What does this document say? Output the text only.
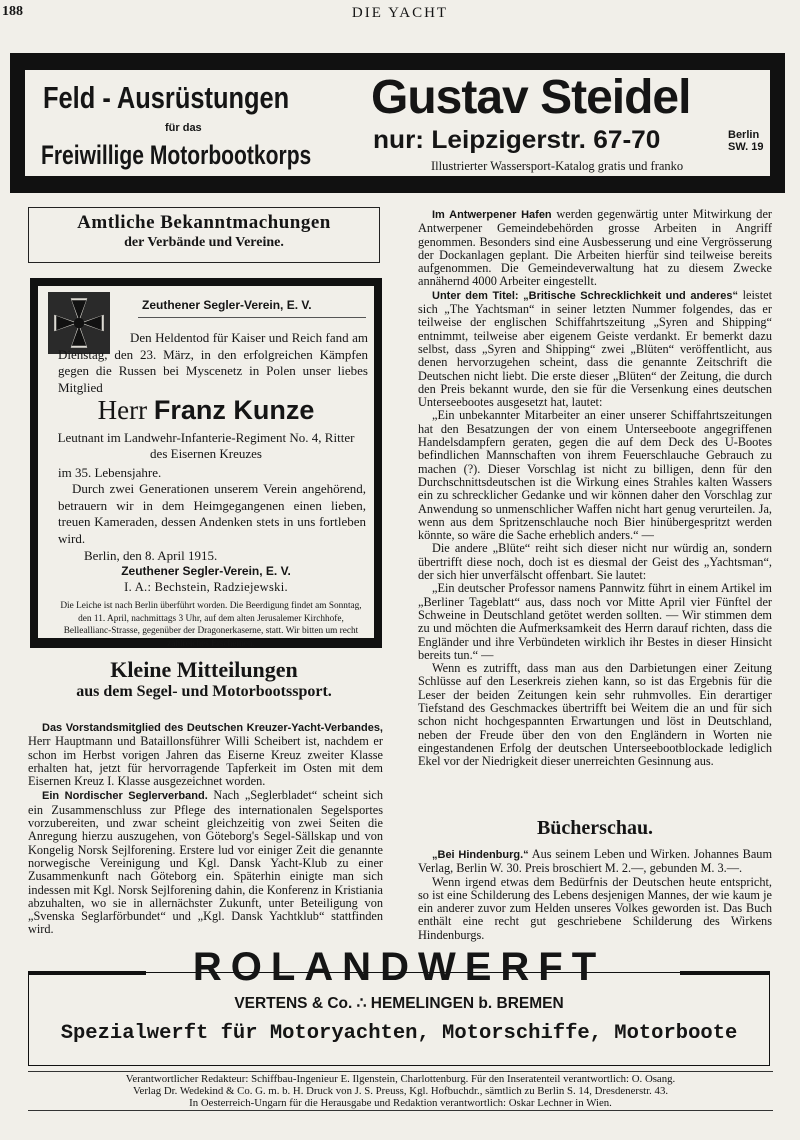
188	DIE YACHT
Feld - Ausrüstungen
für das
Freiwillige Motorbootkorps
Gustav Steidel
nur: Leipzigerstr. 67-70	Berlin
SW. 19
Illustrierter Wassersport-Katalog gratis und franko
Amtliche Bekanntmachungen
der Verbände und Vereine.
Zeuthener Segler-Verein, E. V.

Den Heldentod für Kaiser und Reich fand am Dienstag, den 23. März, in den erfolgreichen Kämpfen gegen die Russen bei Myscenetz in Polen unser liebes Mitglied

Herr Franz Kunze
Leutnant im Landwehr-Infanterie-Regiment No. 4, Ritter des Eisernen Kreuzes
im 35. Lebensjahre.

Durch zwei Generationen unserem Verein angehörend, betrauern wir in dem Heimgegangenen einen lieben, treuen Kameraden, dessen Andenken stets in uns fortleben wird.

Berlin, den 8. April 1915.
Zeuthener Segler-Verein, E. V.
I. A.: Bechstein, Radziejewski.
Die Leiche ist nach Berlin überführt worden. Die Beerdigung findet am Sonntag, den 11. April, nachmittags 3 Uhr, auf dem alten Jerusalemer Kirchhofe, Belleallianc-Strasse, gegenüber der Dragonerkaserne, statt. Wir bitten um recht zahlreiches Erscheinen.
Kleine Mitteilungen
aus dem Segel- und Motorbootssport.

Das Vorstandsmitglied des Deutschen Kreuzer-Yacht-Verbandes, Herr Hauptmann und Bataillonsführer Willi Scheibert ist, nachdem er schon im Herbst vorigen Jahren das Eiserne Kreuz zweiter Klasse erhalten hat, jetzt für hervorragende Tapferkeit im Osten mit dem Eisernen Kreuz I. Klasse ausgezeichnet worden.

Ein Nordischer Seglerverband. Nach „Seglerbladet“ scheint sich ein Zusammenschluss zur Pflege des internationalen Segelsportes vorzubereiten, und zwar scheint gleichzeitig von zwei Seiten die Anregung hierzu auszugehen, von Göteborg's Segel-Sällskap und von Kongelig Norsk Sejlforening. Erstere lud vor einiger Zeit die genannte norwegische Vereinigung und Kgl. Dansk Yacht-Klub zu einer Zusammenkunft nach Göteborg ein. Späterhin einigte man sich indessen mit Kgl. Norsk Sejlforening dahin, die Konferenz in Kristiania abzuhalten, wo sie in allernächster Zukunft, unter Beteiligung von „Svenska Seglarförbundet“ und „Kgl. Dansk Yachtklub“ stattfinden wird.

Im Antwerpener Hafen werden gegenwärtig unter Mitwirkung der Antwerpener Gemeindebehörden grosse Arbeiten in Angriff genommen. Besonders sind eine Ausbesserung und eine Vergrösserung der Dockanlagen geplant. Die Arbeiten hierfür sind teilweise bereits aufgenommen. Die Gemeindeverwaltung hat zu diesem Zwecke annähernd 4000 Arbeiter eingestellt.

Unter dem Titel: „Britische Schrecklichkeit und anderes“ leistet sich „The Yachtsman“ in seiner letzten Nummer folgendes, das er teilweise der englischen Schiffahrtszeitung „Syren and Shipping“ entnimmt, teilweise aber eigenem Geiste verdankt. Er bemerkt dazu selbst, dass „Syren and Shipping“ zwei „Blüten“ veröffentlicht, aus denen hervorzugehen scheint, dass die genannte Zeitschrift die Deutschen nicht liebt. Die erste dieser „Blüten“ der Zeitung, die durch den Preis bekannt wurde, den sie für die Versenkung eines deutschen Unterseebootes ausgesetzt hat, lautet:

„Ein unbekannter Mitarbeiter an einer unserer Schiffahrtszeitungen hat den Besatzungen der von einem Unterseeboote angegriffenen Handelsdampfern geraten, gegen die auf dem Deck des U-Bootes befindlichen Mannschaften von ihrem Feuerschlauche Gebrauch zu machen (?). Dieser Vorschlag ist nicht zu billigen, denn für den Durchschnittsdeutschen ist die Wirkung eines Strahles kalten Wassers ein zu schrecklicher Gedanke und wir können daher den Vorschlag zur Anwendung so unmenschlicher Waffen nicht hart genug verurteilen. Ja, wenn aus dem Spritzenschlauche noch Bier hinübergespritzt werden könnte, so wäre die Sache erheblich anders.“ —

Die andere „Blüte“ reiht sich dieser nicht nur würdig an, sondern übertrifft diese noch, doch ist es diesmal der Geist des „Yachtsman“, der sich hier unverfälscht offenbart. Sie lautet:

„Ein deutscher Professor namens Pannwitz führt in einem Artikel im „Berliner Tageblatt“ aus, dass noch vor Mitte April vier Fünftel der Schweine in Deutschland getötet werden sollten. — Wir stimmen dem zu und möchten die Aufmerksamkeit des Herrn darauf richten, dass die Engländer und ihre Verbündeten wirklich ihr Bestes in dieser Hinsicht bereits tun.“ —

Wenn es zutrifft, dass man aus den Darbietungen einer Zeitung Schlüsse auf den Leserkreis ziehen kann, so ist das Ergebnis für die Leser der beiden Zeitungen kein sehr ruhmvolles. Ein derartiger Tiefstand des Geschmackes übertrifft bei Weitem die an und für sich schon nicht hochgespannten Erwartungen und löst in Deutschland, neben der Freude über den von den Engländern in Worten nie eingestandenen Erfolg der deutschen Unterseebootblockade lediglich Ekel vor der Niedrigkeit dieser unerreichten Gesinnung aus.

Bücherschau.

„Bei Hindenburg.“ Aus seinem Leben und Wirken. Johannes Baum Verlag, Berlin W. 30. Preis broschiert M. 2.—, gebunden M. 3.—.

Wenn irgend etwas dem Bedürfnis der Deutschen heute entspricht, so ist eine Schilderung des Lebens desjenigen Mannes, der wie kaum je ein anderer zuvor zum Helden unseres Volkes geworden ist. Das Buch enthält eine recht gut geschriebene Schilderung des Wirkens Hindenburgs.

ROLANDWERFT
VERTENS & Co. ∴ HEMELINGEN b. BREMEN
Spezialwerft für Motoryachten, Motorschiffe, Motorboote
Verantwortlicher Redakteur: Schiffbau-Ingenieur E. Ilgenstein, Charlottenburg. Für den Inseratenteil verantwortlich: O. Osang.
Verlag Dr. Wedekind & Co. G. m. b. H. Druck von J. S. Preuss, Kgl. Hofbuchdr., sämtlich zu Berlin S. 14, Dresdenerstr. 43.
In Oesterreich-Ungarn für die Herausgabe und Redaktion verantwortlich: Oskar Lechner in Wien.
